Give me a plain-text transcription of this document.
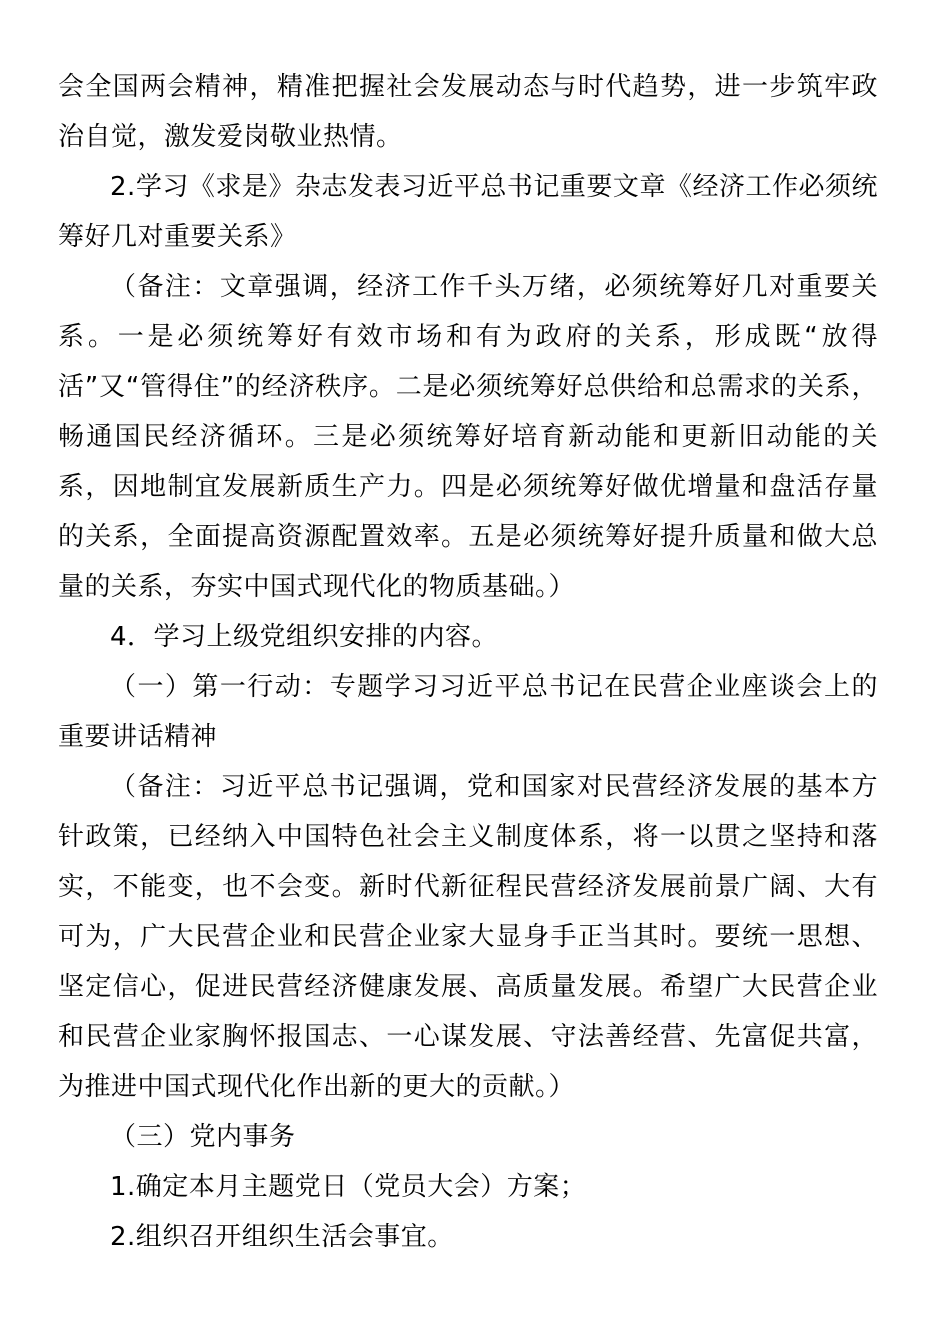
会全国两会精神，精准把握社会发展动态与时代趋势，进一步筑牢政治自觉，激发爱岗敬业热情。

2.学习《求是》杂志发表习近平总书记重要文章《经济工作必须统筹好几对重要关系》

（备注：文章强调，经济工作千头万绪，必须统筹好几对重要关系。一是必须统筹好有效市场和有为政府的关系，形成既“放得活”又“管得住”的经济秩序。二是必须统筹好总供给和总需求的关系，畅通国民经济循环。三是必须统筹好培育新动能和更新旧动能的关系，因地制宜发展新质生产力。四是必须统筹好做优增量和盘活存量的关系，全面提高资源配置效率。五是必须统筹好提升质量和做大总量的关系，夯实中国式现代化的物质基础。）

4．学习上级党组织安排的内容。

（一）第一行动：专题学习习近平总书记在民营企业座谈会上的重要讲话精神

（备注：习近平总书记强调，党和国家对民营经济发展的基本方针政策，已经纳入中国特色社会主义制度体系，将一以贯之坚持和落实，不能变，也不会变。新时代新征程民营经济发展前景广阔、大有可为，广大民营企业和民营企业家大显身手正当其时。要统一思想、坚定信心，促进民营经济健康发展、高质量发展。希望广大民营企业和民营企业家胸怀报国志、一心谋发展、守法善经营、先富促共富，为推进中国式现代化作出新的更大的贡献。）

（三）党内事务

1.确定本月主题党日（党员大会）方案；

2.组织召开组织生活会事宜。
